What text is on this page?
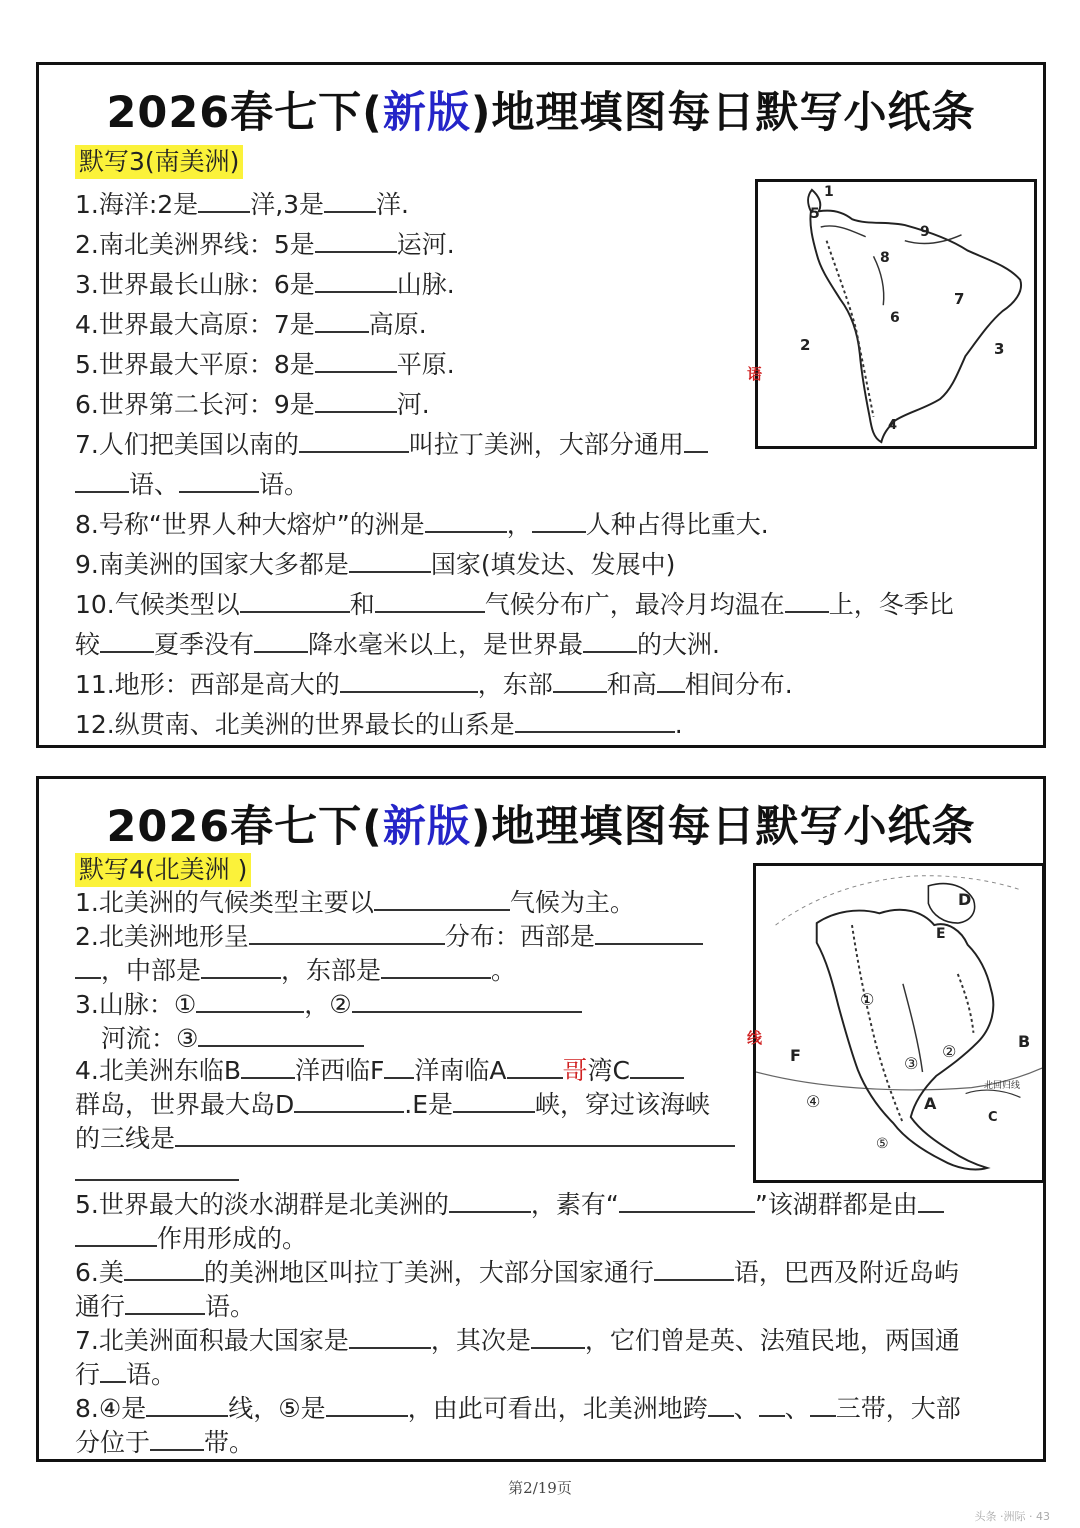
2026春七下(新版)地理填图每日默写小纸条
默写3(南美洲)
1.海洋:2是 洋,3是 洋.
2.南北美洲界线：5是	运河.
3.世界最长山脉：6是	山脉.
4.世界最大高原：7是 高原.
5.世界最大平原：8是	平原.
6.世界第二长河：9是	河.
7.人们把美国以南的	叫拉丁美洲，大部分通用
语、	语。
8.号称“世界人种大熔炉”的洲是	， 人种占得比重大.
9.南美洲的国家大多都是	国家(填发达、发展中)
10.气候类型以	和	气候分布广，最冷月均温在 上，冬季比
较 夏季没有 降水毫米以上，是世界最 的大洲.
11.地形：西部是高大的	，东部 和高 相间分布.
12.纵贯南、北美洲的世界最长的山系是	.
1
5
9
8
7
6
2	3
4
语
2026春七下(新版)地理填图每日默写小纸条
默写4(北美洲 )
1.北美洲的气候类型主要以	气候为主。
2.北美洲地形呈	分布：西部是
，中部是	，东部是	。
3.山脉：①	，②
河流：③
4.北美洲东临B 洋西临F 洋南临A 哥湾C
群岛，世界最大岛D	.E是	峡，穿过该海峡
的三线是
5.世界最大的淡水湖群是北美洲的	，素有“	”该湖群都是由
作用形成的。
6.美	的美洲地区叫拉丁美洲，大部分国家通行	语，巴西及附近岛屿
通行	语。
7.北美洲面积最大国家是	，其次是 ，它们曾是英、法殖民地，两国通
行 语。
8.④是	线，⑤是	，由此可看出，北美洲地跨 、 、 三带，大部
分位于 带。
D
E
①
B
F	②
③
北回归线
④	A
C
⑤
线
第2/19页
头条 ·洲际 · 43
